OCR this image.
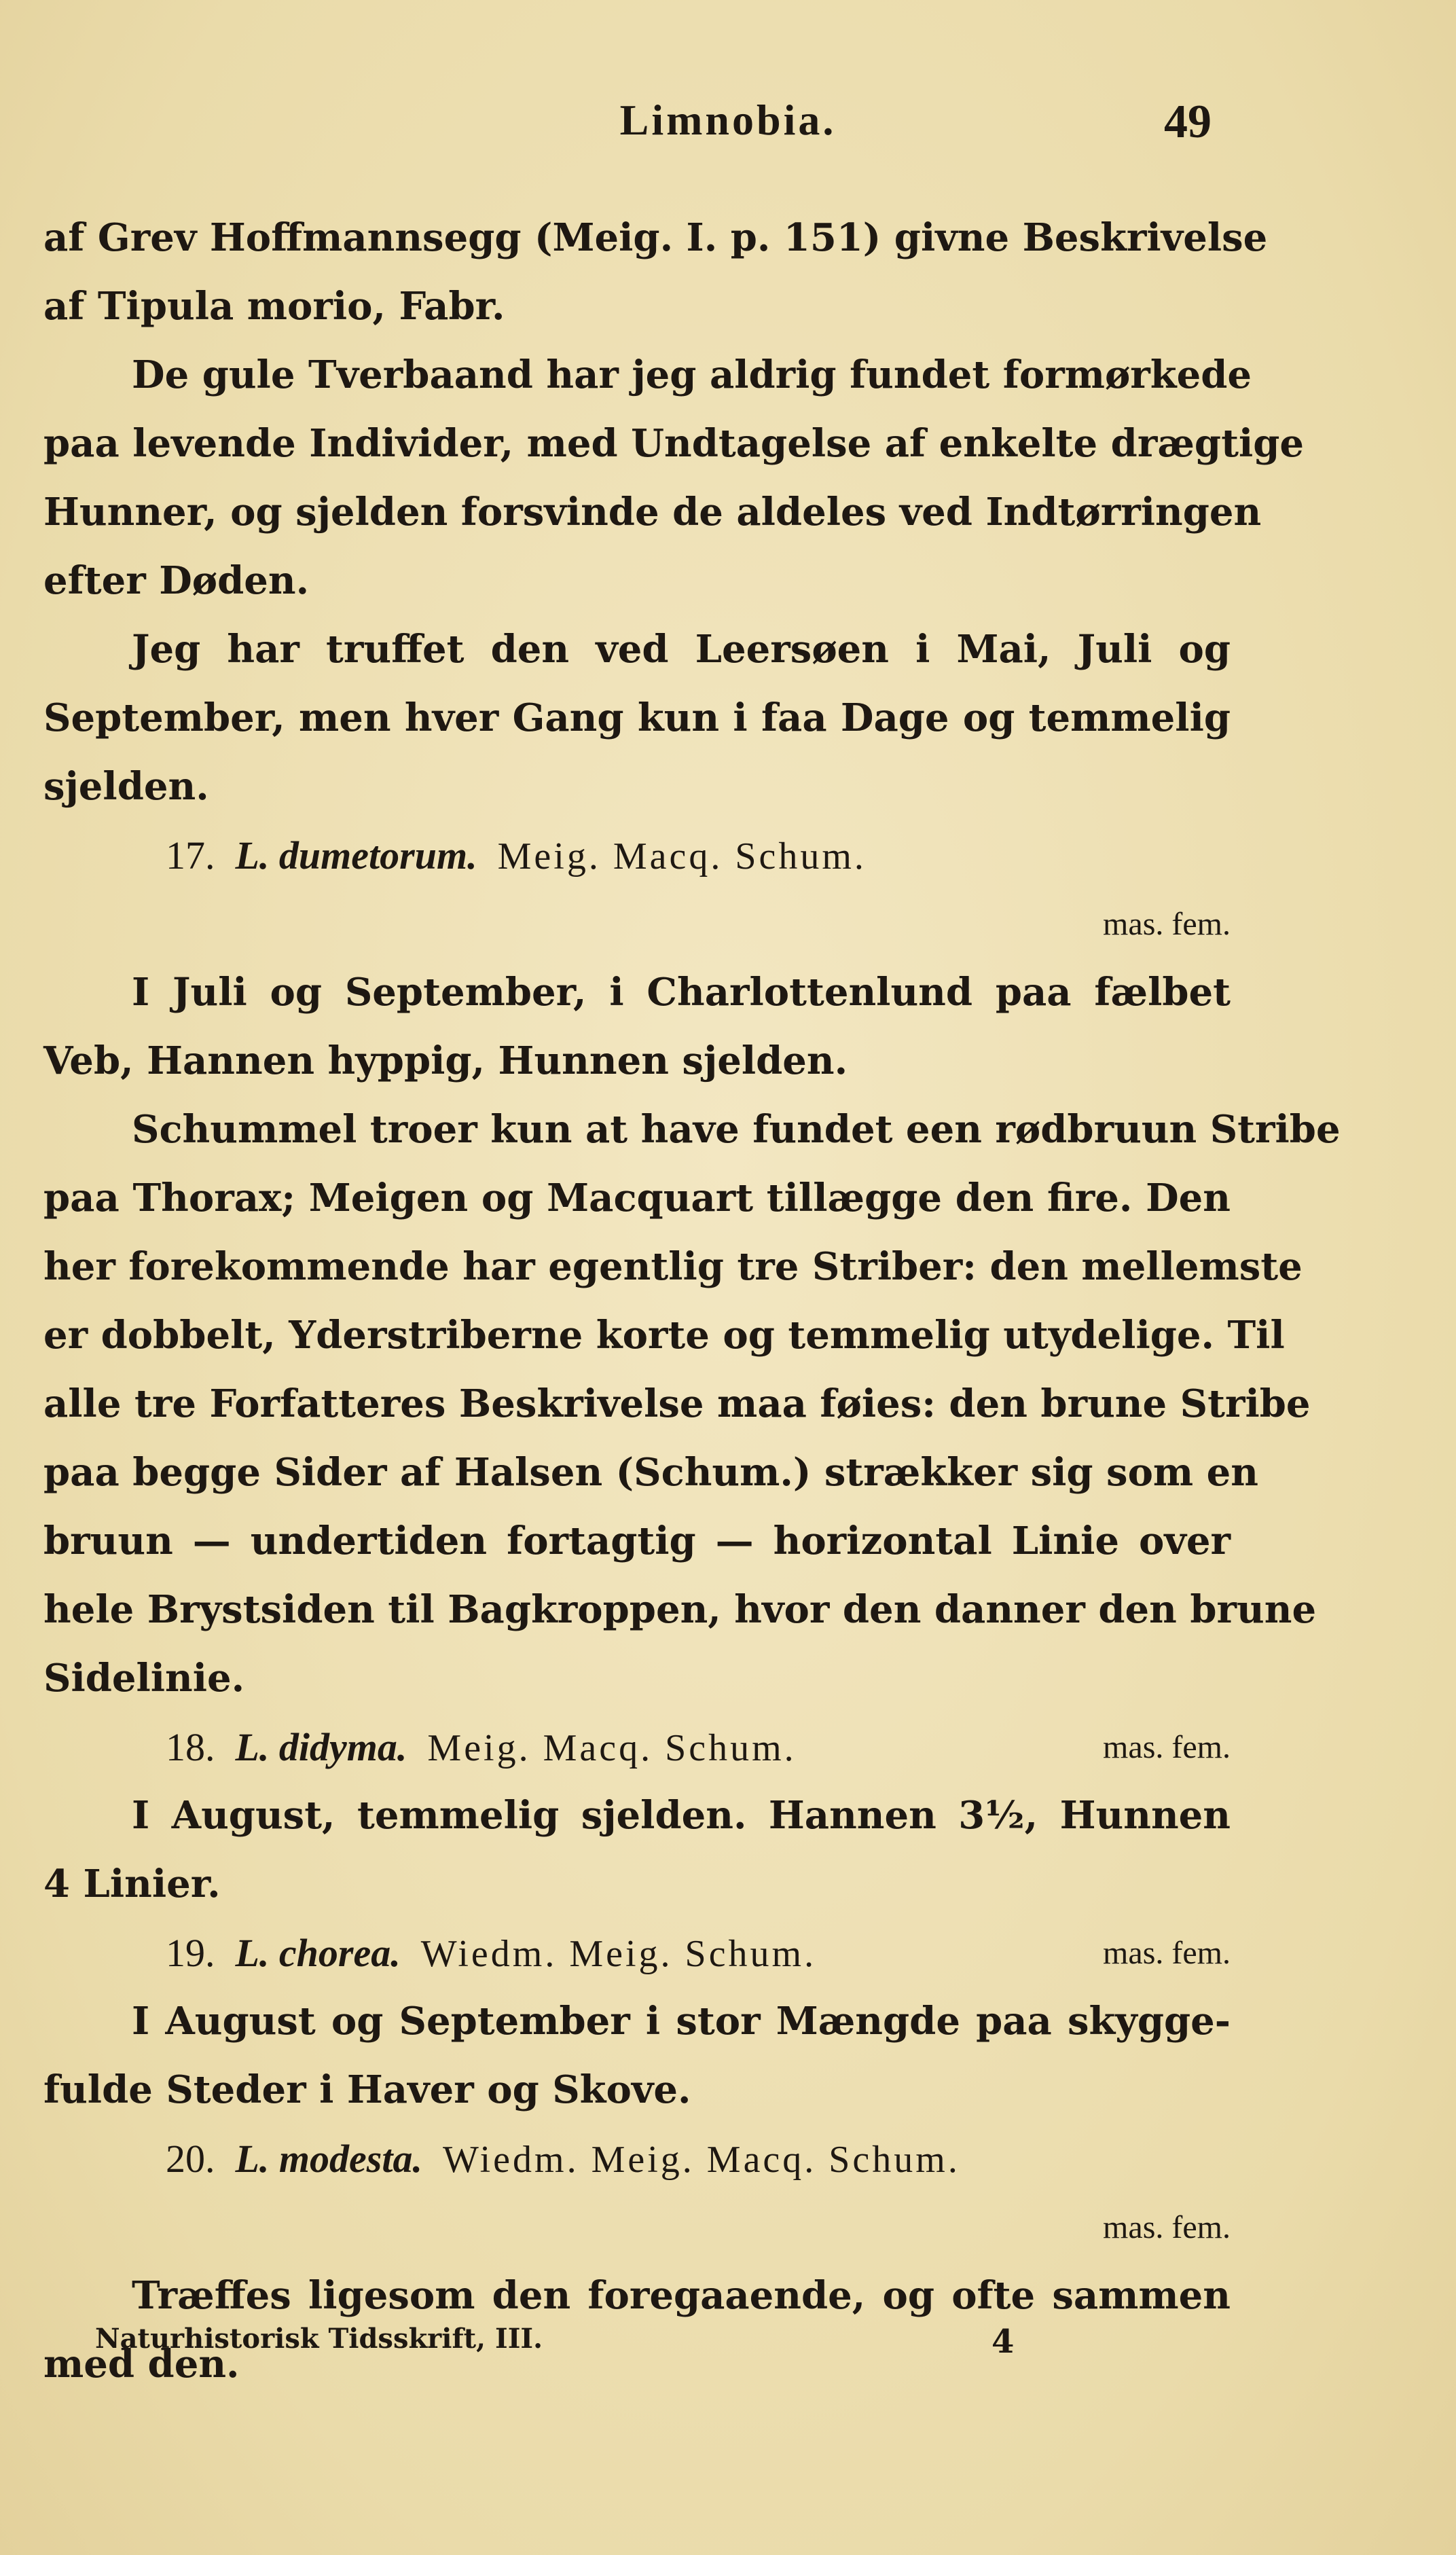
Limnobia.	49
af Grev Hoffmannsegg (Meig. I. p. 151) givne Beskrivelse
af Tipula morio, Fabr.
De gule Tverbaand har jeg aldrig fundet formørkede
paa levende Individer, med Undtagelse af enkelte drægtige
Hunner, og sjelden forsvinde de aldeles ved Indtørringen
efter Døden.
Jeg har truffet den ved Leersøen i Mai, Juli og
September, men hver Gang kun i faa Dage og temmelig
sjelden.
17. L. dumetorum. Meig. Macq. Schum.
mas. fem.
I Juli og September, i Charlottenlund paa fælbet
Veb, Hannen hyppig, Hunnen sjelden.
Schummel troer kun at have fundet een rødbruun Stribe
paa Thorax; Meigen og Macquart tillægge den fire. Den
her forekommende har egentlig tre Striber: den mellemste
er dobbelt, Yderstriberne korte og temmelig utydelige. Til
alle tre Forfatteres Beskrivelse maa føies: den brune Stribe
paa begge Sider af Halsen (Schum.) strækker sig som en
bruun — undertiden fortagtig — horizontal Linie over
hele Brystsiden til Bagkroppen, hvor den danner den brune
Sidelinie.
18. L. didyma. Meig. Macq. Schum.	mas. fem.
I August, temmelig sjelden. Hannen 3½, Hunnen
4 Linier.
19. L. chorea. Wiedm. Meig. Schum.	mas. fem.
I August og September i stor Mængde paa skygge-
fulde Steder i Haver og Skove.
20. L. modesta. Wiedm. Meig. Macq. Schum.
mas. fem.
Træffes ligesom den foregaaende, og ofte sammen
med den.
Naturhistorisk Tidsskrift, III.	4
